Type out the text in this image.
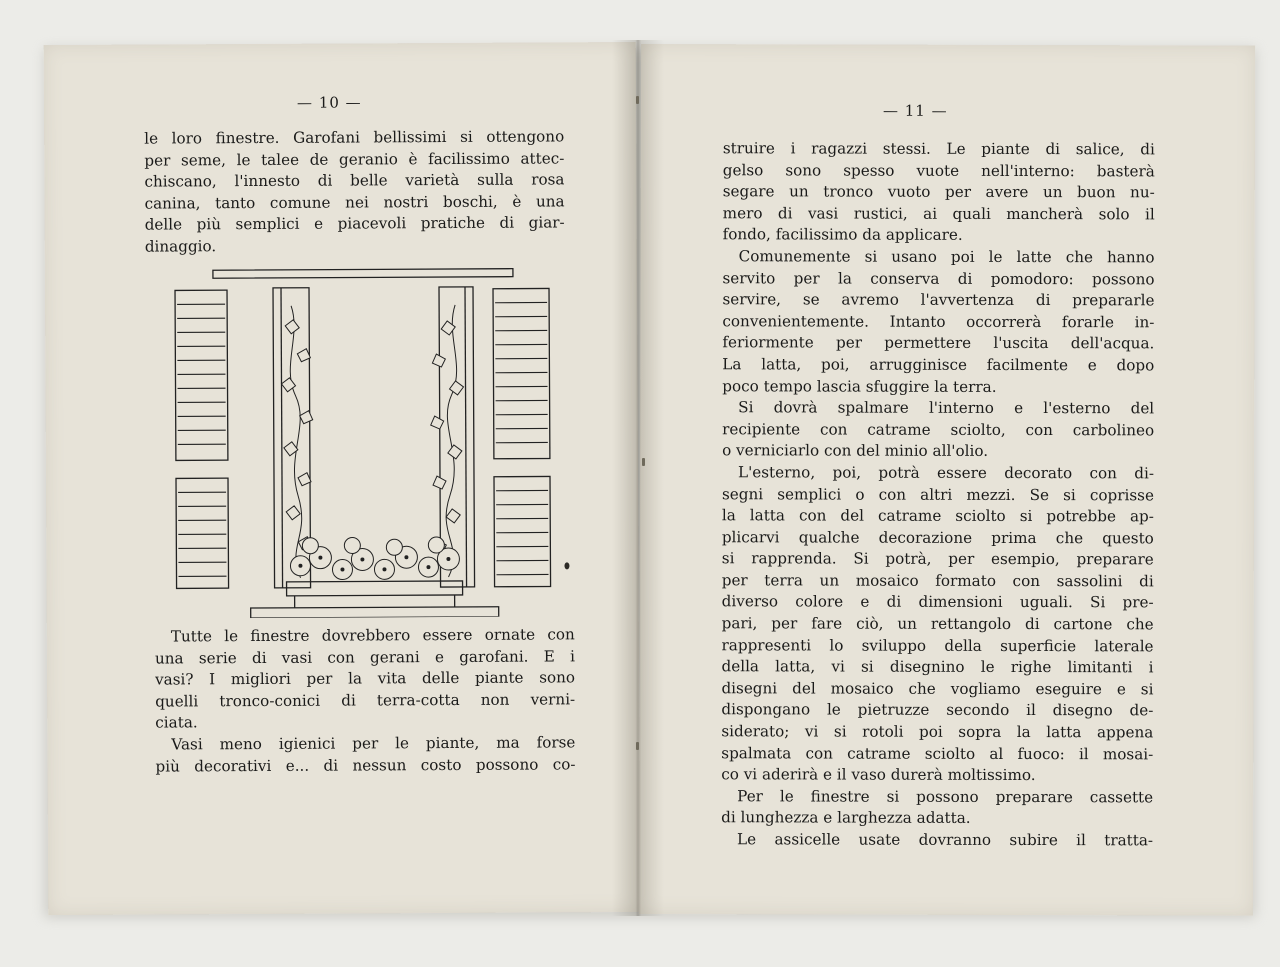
— 10 —
le loro finestre. Garofani bellissimi si ottengono
per seme, le talee de geranio è facilissimo attec-
chiscano, l'innesto di belle varietà sulla rosa
canina, tanto comune nei nostri boschi, è una
delle più semplici e piacevoli pratiche di giar-
dinaggio.
Tutte le finestre dovrebbero essere ornate con
una serie di vasi con gerani e garofani. E i
vasi? I migliori per la vita delle piante sono
quelli tronco-conici di terra-cotta non verni-
ciata.
Vasi meno igienici per le piante, ma forse
più decorativi e... di nessun costo possono co-
— 11 —
struire i ragazzi stessi. Le piante di salice, di
gelso sono spesso vuote nell'interno: basterà
segare un tronco vuoto per avere un buon nu-
mero di vasi rustici, ai quali mancherà solo il
fondo, facilissimo da applicare.
Comunemente si usano poi le latte che hanno
servito per la conserva di pomodoro: possono
servire, se avremo l'avvertenza di prepararle
convenientemente. Intanto occorrerà forarle in-
feriormente per permettere l'uscita dell'acqua.
La latta, poi, arrugginisce facilmente e dopo
poco tempo lascia sfuggire la terra.
Si dovrà spalmare l'interno e l'esterno del
recipiente con catrame sciolto, con carbolineo
o verniciarlo con del minio all'olio.
L'esterno, poi, potrà essere decorato con di-
segni semplici o con altri mezzi. Se si coprisse
la latta con del catrame sciolto si potrebbe ap-
plicarvi qualche decorazione prima che questo
si rapprenda. Si potrà, per esempio, preparare
per terra un mosaico formato con sassolini di
diverso colore e di dimensioni uguali. Si pre-
pari, per fare ciò, un rettangolo di cartone che
rappresenti lo sviluppo della superficie laterale
della latta, vi si disegnino le righe limitanti i
disegni del mosaico che vogliamo eseguire e si
dispongano le pietruzze secondo il disegno de-
siderato; vi si rotoli poi sopra la latta appena
spalmata con catrame sciolto al fuoco: il mosai-
co vi aderirà e il vaso durerà moltissimo.
Per le finestre si possono preparare cassette
di lunghezza e larghezza adatta.
Le assicelle usate dovranno subire il tratta-
